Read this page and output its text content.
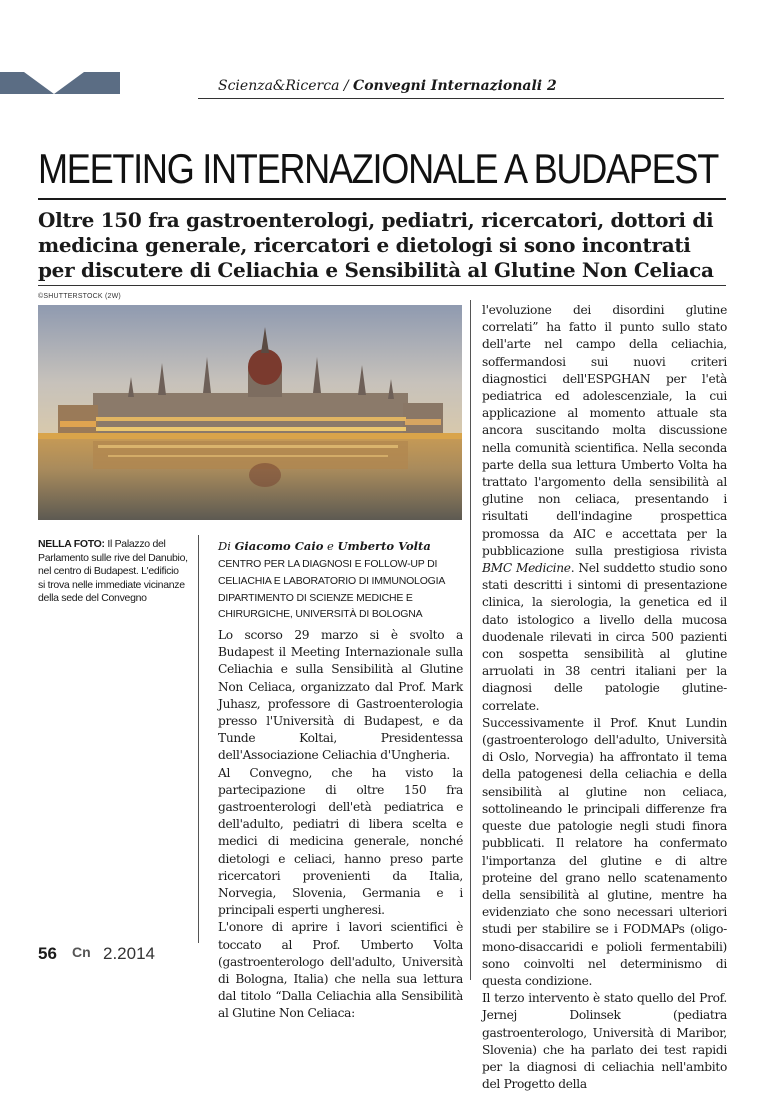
Scienza&Ricerca / Convegni Internazionali 2
MEETING INTERNAZIONALE A BUDAPEST
Oltre 150 fra gastroenterologi, pediatri, ricercatori, dottori di medicina generale, ricercatori e dietologi si sono incontrati per discutere di Celiachia e Sensibilità al Glutine Non Celiaca
©SHUTTERSTOCK (2W)
NELLA FOTO: Il Palazzo del Parlamento sulle rive del Danubio, nel centro di Budapest. L'edificio si trova nelle immediate vicinanze della sede del Convegno
Di Giacomo Caio e Umberto Volta
CENTRO PER LA DIAGNOSI E FOLLOW-UP DI CELIACHIA E LABORATORIO DI IMMUNOLOGIA DIPARTIMENTO DI SCIENZE MEDICHE E CHIRURGICHE, UNIVERSITÀ DI BOLOGNA

Lo scorso 29 marzo si è svolto a Budapest il Meeting Internazionale sulla Celiachia e sulla Sensibilità al Glutine Non Celiaca, organizzato dal Prof. Mark Juhasz, professore di Gastroenterologia presso l'Università di Budapest, e da Tunde Koltai, Presidentessa dell'Associazione Celiachia d'Ungheria.

Al Convegno, che ha visto la partecipazione di oltre 150 fra gastroenterologi dell'età pediatrica e dell'adulto, pediatri di libera scelta e medici di medicina generale, nonché dietologi e celiaci, hanno preso parte ricercatori provenienti da Italia, Norvegia, Slovenia, Germania e i principali esperti ungheresi.

L'onore di aprire i lavori scientifici è toccato al Prof. Umberto Volta (gastroenterologo dell'adulto, Università di Bologna, Italia) che nella sua lettura dal titolo “Dalla Celiachia alla Sensibilità al Glutine Non Celiaca:

l'evoluzione dei disordini glutine correlati” ha fatto il punto sullo stato dell'arte nel campo della celiachia, soffermandosi sui nuovi criteri diagnostici dell'ESPGHAN per l'età pediatrica ed adolescenziale, la cui applicazione al momento attuale sta ancora suscitando molta discussione nella comunità scientifica. Nella seconda parte della sua lettura Umberto Volta ha trattato l'argomento della sensibilità al glutine non celiaca, presentando i risultati dell'indagine prospettica promossa da AIC e accettata per la pubblicazione sulla prestigiosa rivista BMC Medicine. Nel suddetto studio sono stati descritti i sintomi di presentazione clinica, la sierologia, la genetica ed il dato istologico a livello della mucosa duodenale rilevati in circa 500 pazienti con sospetta sensibilità al glutine arruolati in 38 centri italiani per la diagnosi delle patologie glutine-correlate.

Successivamente il Prof. Knut Lundin (gastroenterologo dell'adulto, Università di Oslo, Norvegia) ha affrontato il tema della patogenesi della celiachia e della sensibilità al glutine non celiaca, sottolineando le principali differenze fra queste due patologie negli studi finora pubblicati. Il relatore ha confermato l'importanza del glutine e di altre proteine del grano nello scatenamento della sensibilità al glutine, mentre ha evidenziato che sono necessari ulteriori studi per stabilire se i FODMAPs (oligo-mono-disaccaridi e polioli fermentabili) sono coinvolti nel determinismo di questa condizione.

Il terzo intervento è stato quello del Prof. Jernej Dolinsek (pediatra gastroenterologo, Università di Maribor, Slovenia) che ha parlato dei test rapidi per la diagnosi di celiachia nell'ambito del Progetto della

56 Cn 2.2014
